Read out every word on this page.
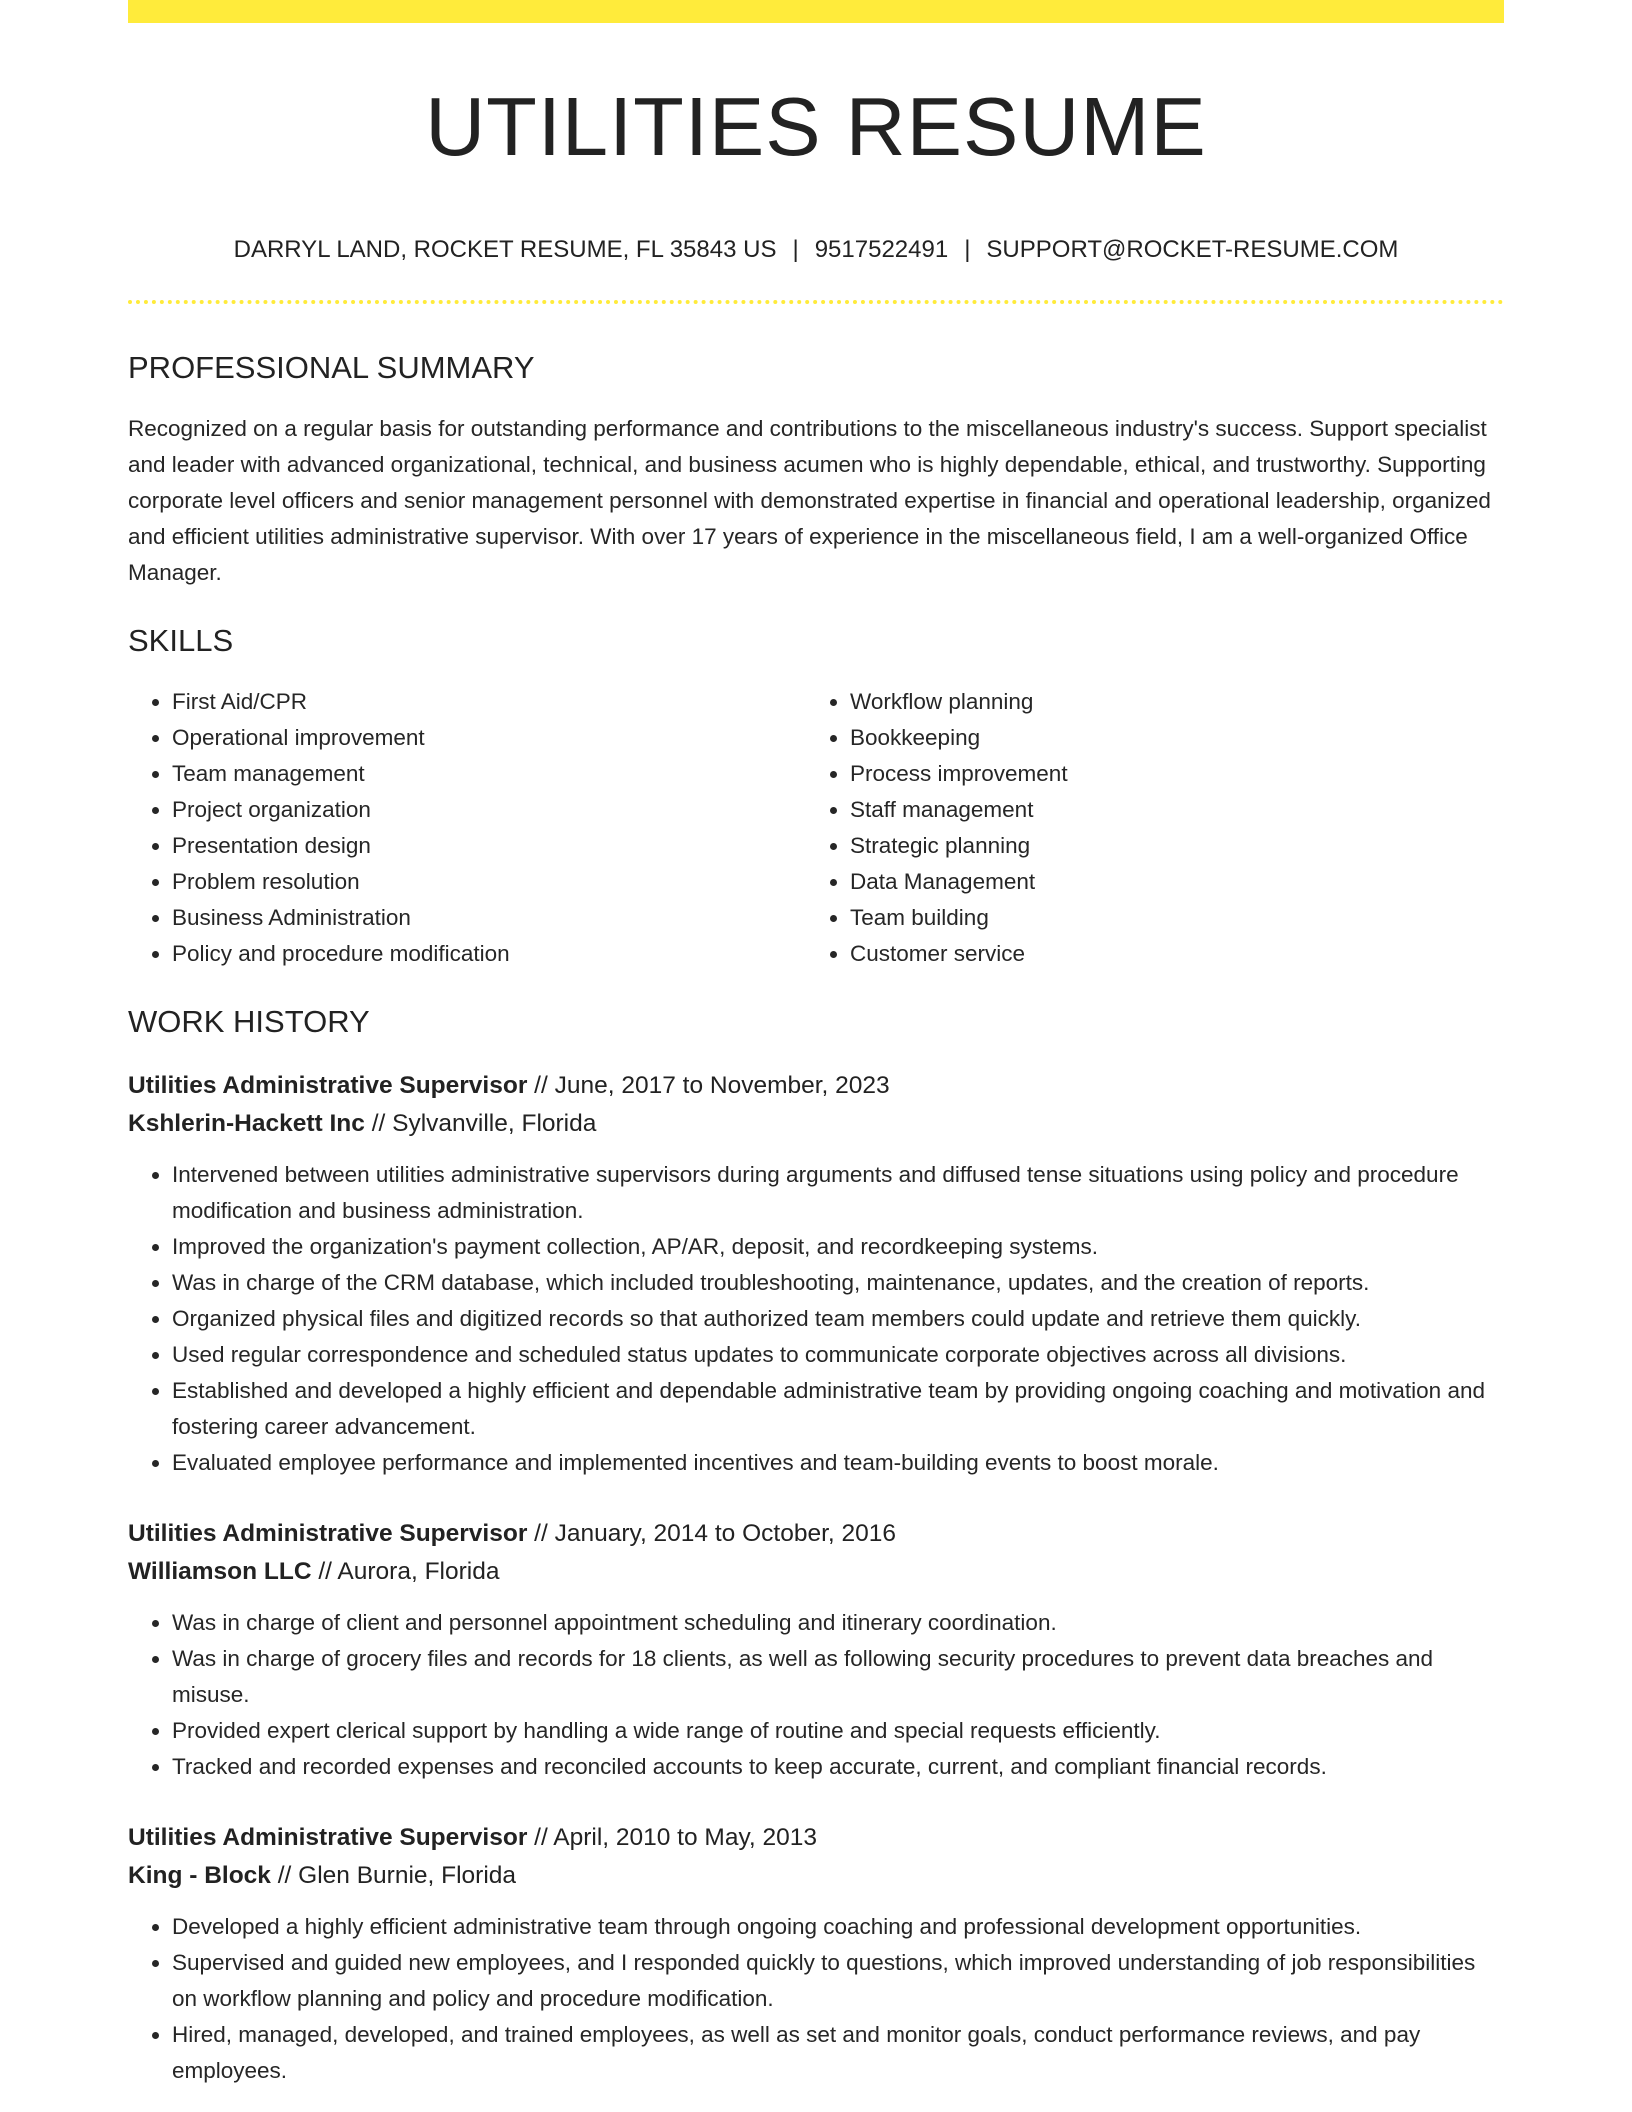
UTILITIES RESUME
DARRYL LAND, ROCKET RESUME, FL 35843 US | 9517522491 | SUPPORT@ROCKET-RESUME.COM
PROFESSIONAL SUMMARY

Recognized on a regular basis for outstanding performance and contributions to the miscellaneous industry's success. Support specialist and leader with advanced organizational, technical, and business acumen who is highly dependable, ethical, and trustworthy. Supporting corporate level officers and senior management personnel with demonstrated expertise in financial and operational leadership, organized and efficient utilities administrative supervisor. With over 17 years of experience in the miscellaneous field, I am a well-organized Office Manager.

SKILLS
• First Aid/CPR
• Operational improvement
• Team management
• Project organization
• Presentation design
• Problem resolution
• Business Administration
• Policy and procedure modification
• Workflow planning
• Bookkeeping
• Process improvement
• Staff management
• Strategic planning
• Data Management
• Team building
• Customer service
WORK HISTORY
Utilities Administrative Supervisor // June, 2017 to November, 2023
Kshlerin-Hackett Inc // Sylvanville, Florida
• Intervened between utilities administrative supervisors during arguments and diffused tense situations using policy and procedure modification and business administration.
• Improved the organization's payment collection, AP/AR, deposit, and recordkeeping systems.
• Was in charge of the CRM database, which included troubleshooting, maintenance, updates, and the creation of reports.
• Organized physical files and digitized records so that authorized team members could update and retrieve them quickly.
• Used regular correspondence and scheduled status updates to communicate corporate objectives across all divisions.
• Established and developed a highly efficient and dependable administrative team by providing ongoing coaching and motivation and fostering career advancement.
• Evaluated employee performance and implemented incentives and team-building events to boost morale.
Utilities Administrative Supervisor // January, 2014 to October, 2016
Williamson LLC // Aurora, Florida
• Was in charge of client and personnel appointment scheduling and itinerary coordination.
• Was in charge of grocery files and records for 18 clients, as well as following security procedures to prevent data breaches and misuse.
• Provided expert clerical support by handling a wide range of routine and special requests efficiently.
• Tracked and recorded expenses and reconciled accounts to keep accurate, current, and compliant financial records.
Utilities Administrative Supervisor // April, 2010 to May, 2013
King - Block // Glen Burnie, Florida
• Developed a highly efficient administrative team through ongoing coaching and professional development opportunities.
• Supervised and guided new employees, and I responded quickly to questions, which improved understanding of job responsibilities on workflow planning and policy and procedure modification.
• Hired, managed, developed, and trained employees, as well as set and monitor goals, conduct performance reviews, and pay employees.
